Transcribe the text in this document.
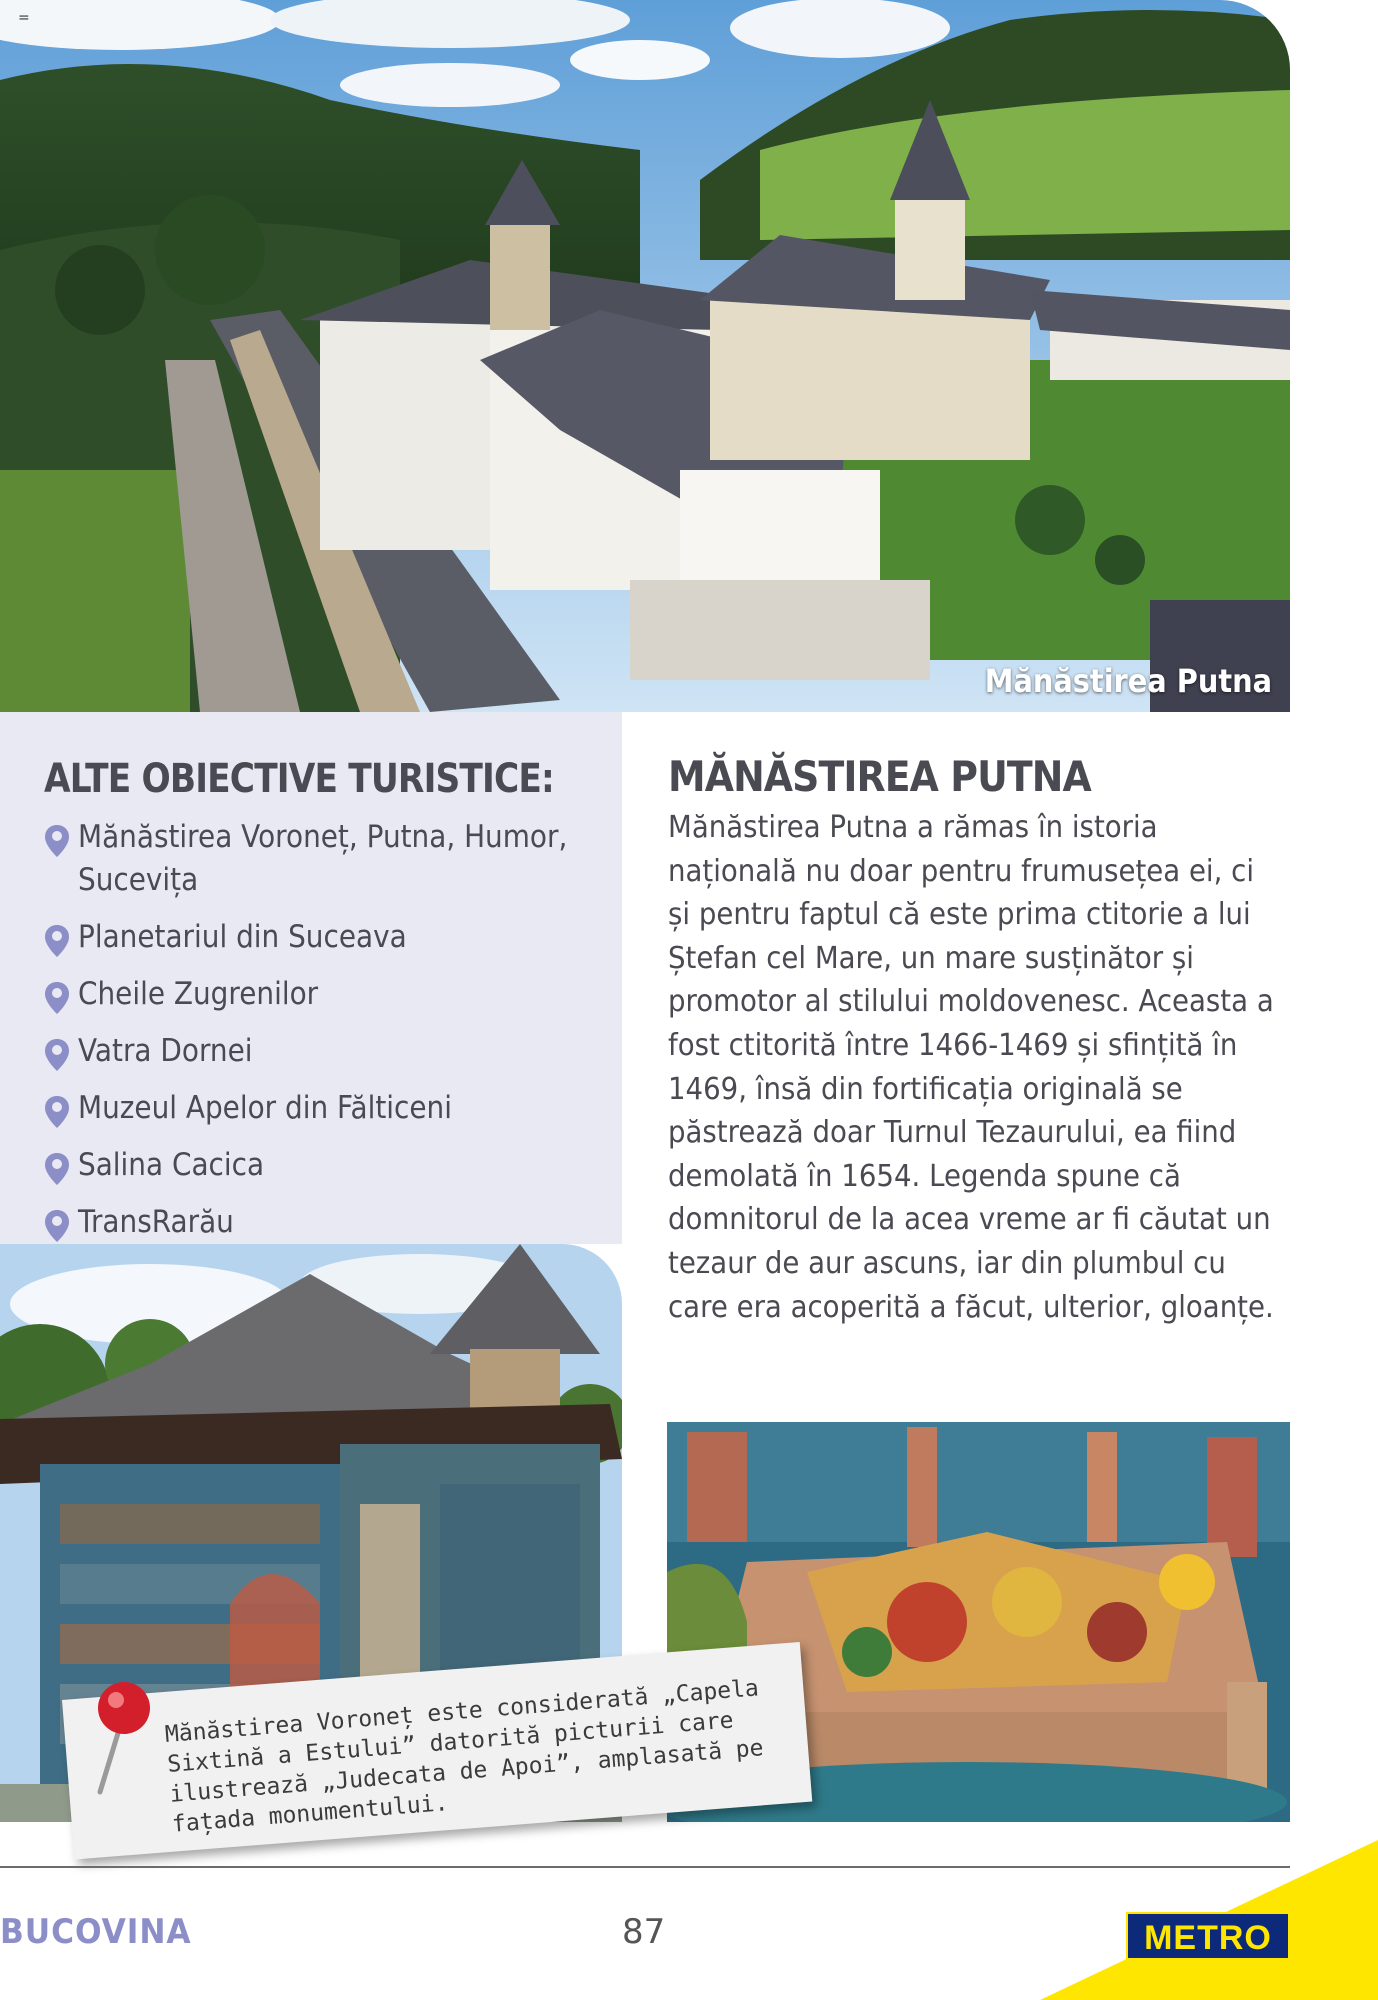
Mănăstirea Putna
=
ALTE OBIECTIVE TURISTICE:
Mănăstirea Voroneț, Putna, Humor, Sucevița
Planetariul din Suceava
Cheile Zugrenilor
Vatra Dornei
Muzeul Apelor din Fălticeni
Salina Cacica
TransRarău
MĂNĂSTIREA PUTNA
Mănăstirea Putna a rămas în istoria națională nu doar pentru frumusețea ei, ci și pentru faptul că este prima ctitorie a lui Ștefan cel Mare, un mare susținător și promotor al stilului moldovenesc. Aceasta a fost ctitorită între 1466-1469 și sfințită în 1469, însă din fortificația originală se păstrează doar Turnul Tezaurului, ea fiind demolată în 1654. Legenda spune că domnitorul de la acea vreme ar fi căutat un tezaur de aur ascuns, iar din plumbul cu care era acoperită a făcut, ulterior, gloanțe.
Mănăstirea Voroneț este considerată „Capela Sixtină a Estului” datorită picturii care ilustrează „Judecata de Apoi”, amplasată pe fațada monumentului.
BUCOVINA	87	METRO
